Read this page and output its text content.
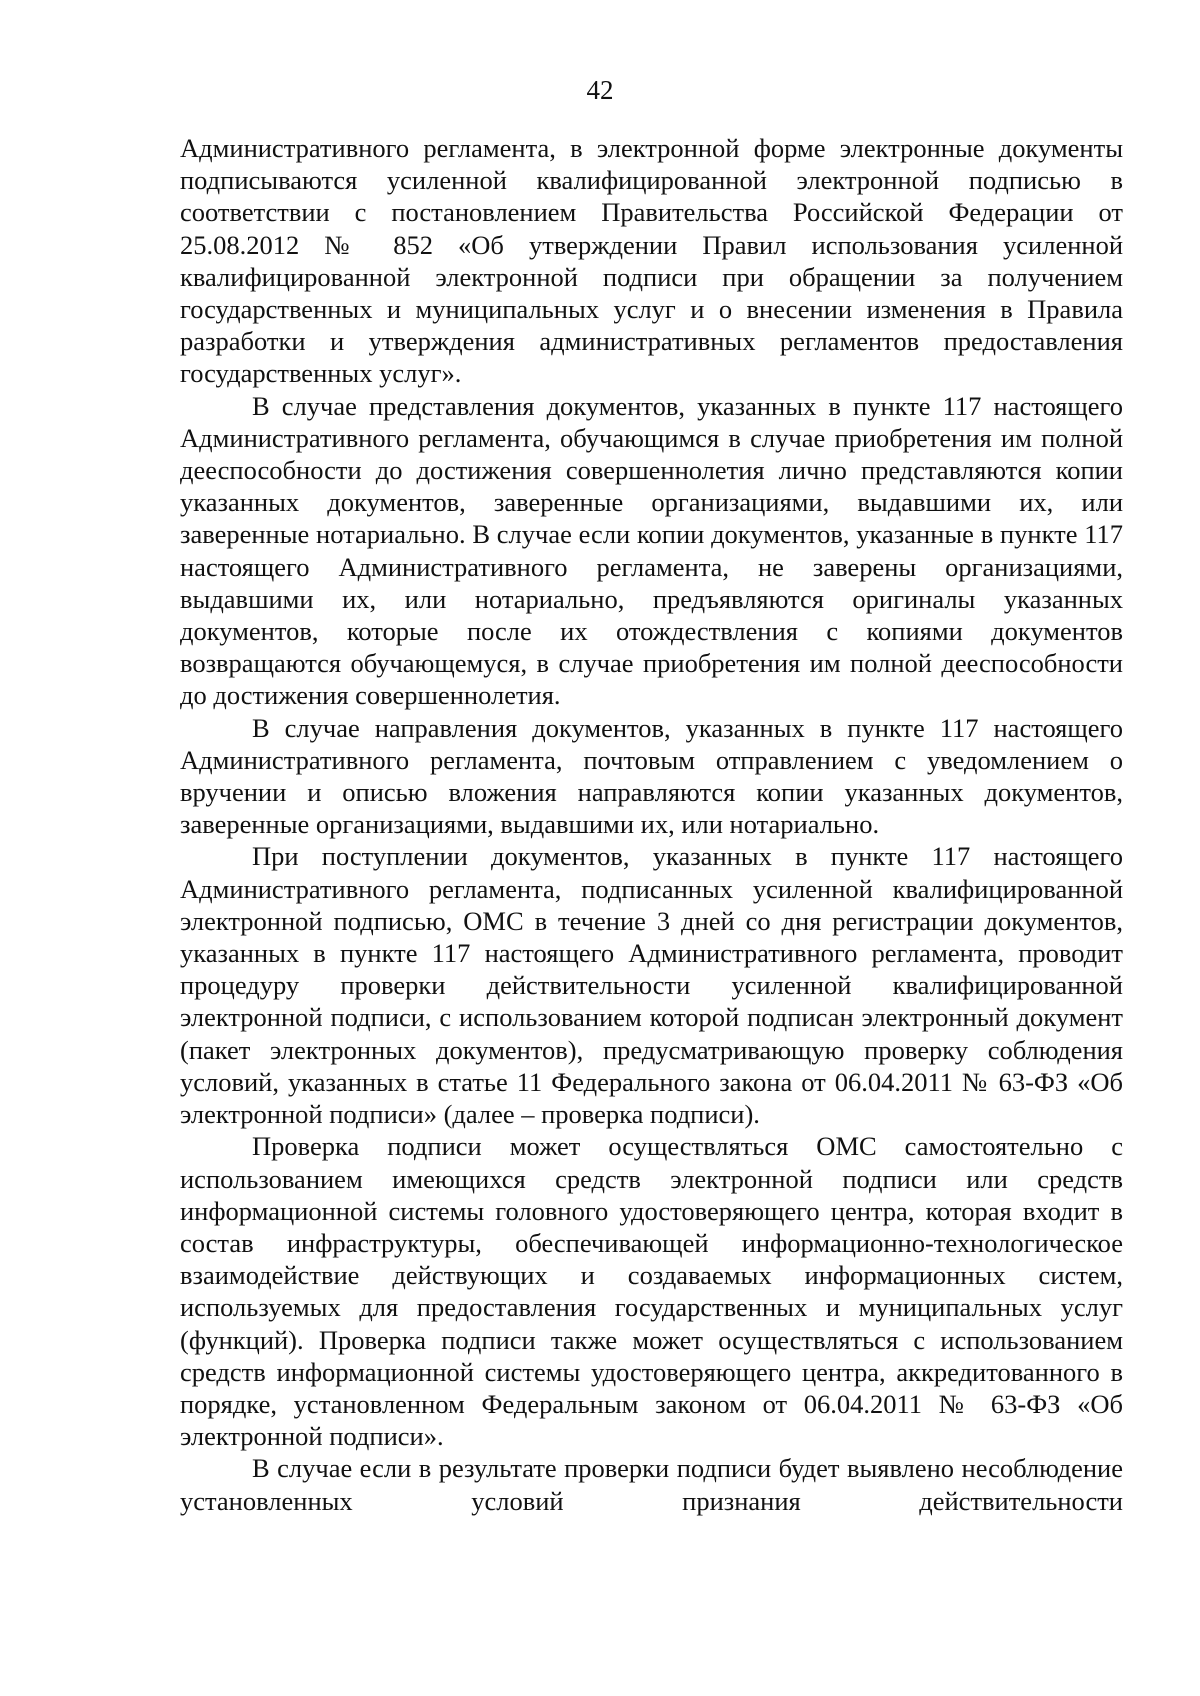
42

Административного регламента, в электронной форме электронные документы подписываются усиленной квалифицированной электронной подписью в соответствии с постановлением Правительства Российской Федерации от 25.08.2012 № 852 «Об утверждении Правил использования усиленной квалифицированной электронной подписи при обращении за получением государственных и муниципальных услуг и о внесении изменения в Правила разработки и утверждения административных регламентов предоставления государственных услуг».

В случае представления документов, указанных в пункте 117 настоящего Административного регламента, обучающимся в случае приобретения им полной дееспособности до достижения совершеннолетия лично представляются копии указанных документов, заверенные организациями, выдавшими их, или заверенные нотариально. В случае если копии документов, указанные в пункте 117 настоящего Административного регламента, не заверены организациями, выдавшими их, или нотариально, предъявляются оригиналы указанных документов, которые после их отождествления с копиями документов возвращаются обучающемуся, в случае приобретения им полной дееспособности до достижения совершеннолетия.

В случае направления документов, указанных в пункте 117 настоящего Административного регламента, почтовым отправлением с уведомлением о вручении и описью вложения направляются копии указанных документов, заверенные организациями, выдавшими их, или нотариально.

При поступлении документов, указанных в пункте 117 настоящего Административного регламента, подписанных усиленной квалифицированной электронной подписью, ОМС в течение 3 дней со дня регистрации документов, указанных в пункте 117 настоящего Административного регламента, проводит процедуру проверки действительности усиленной квалифицированной электронной подписи, с использованием которой подписан электронный документ (пакет электронных документов), предусматривающую проверку соблюдения условий, указанных в статье 11 Федерального закона от 06.04.2011 № 63-ФЗ «Об электронной подписи» (далее – проверка подписи).

Проверка подписи может осуществляться ОМС самостоятельно с использованием имеющихся средств электронной подписи или средств информационной системы головного удостоверяющего центра, которая входит в состав инфраструктуры, обеспечивающей информационно-технологическое взаимодействие действующих и создаваемых информационных систем, используемых для предоставления государственных и муниципальных услуг (функций). Проверка подписи также может осуществляться с использованием средств информационной системы удостоверяющего центра, аккредитованного в порядке, установленном Федеральным законом от 06.04.2011 № 63-ФЗ «Об электронной подписи».

В случае если в результате проверки подписи будет выявлено несоблюдение установленных условий признания действительности
